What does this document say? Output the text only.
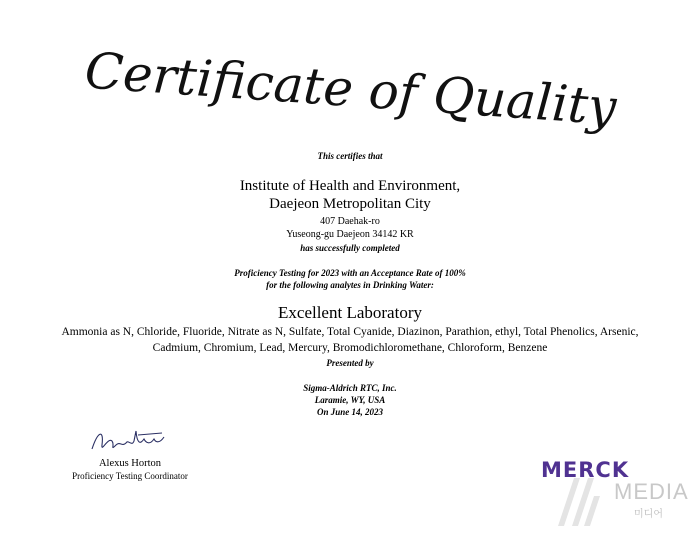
Certificate of Quality
This certifies that
Institute of Health and Environment,
Daejeon Metropolitan City
407 Daehak-ro
Yuseong-gu Daejeon 34142 KR
has successfully completed
Proficiency Testing for 2023 with an Acceptance Rate of 100%
for the following analytes in Drinking Water:
Excellent Laboratory
Ammonia as N, Chloride, Fluoride, Nitrate as N, Sulfate, Total Cyanide, Diazinon, Parathion, ethyl, Total Phenolics, Arsenic,
Cadmium, Chromium, Lead, Mercury, Bromodichloromethane, Chloroform, Benzene
Presented by
Sigma-Aldrich RTC, Inc.
Laramie, WY, USA
On June 14, 2023
Alexus Horton
Proficiency Testing Coordinator	MERCK
MEDIA
미디어
